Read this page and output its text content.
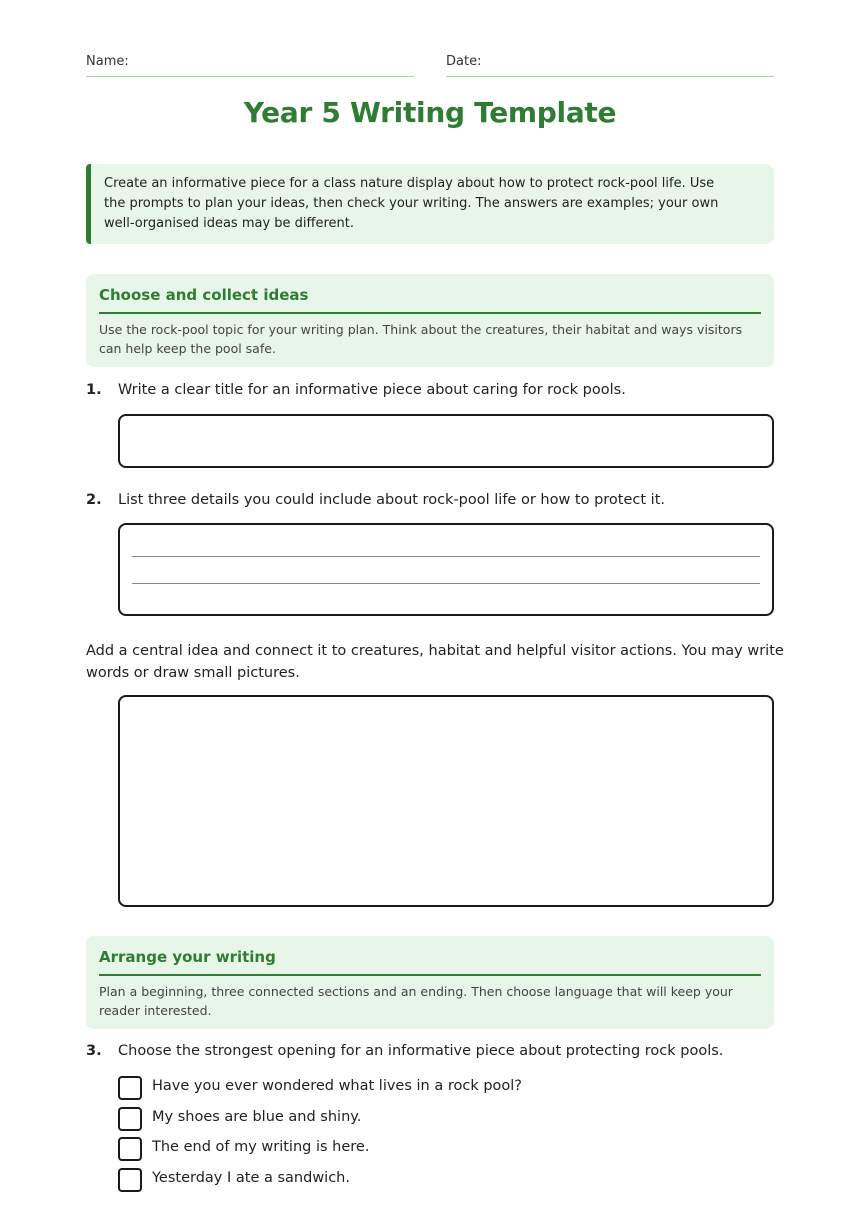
Name:	Date:
Year 5 Writing Template
Create an informative piece for a class nature display about how to protect rock-pool life. Use the prompts to plan your ideas, then check your writing. The answers are examples; your own well-organised ideas may be different.
Choose and collect ideas

Use the rock-pool topic for your writing plan. Think about the creatures, their habitat and ways visitors can help keep the pool safe.

1. Write a clear title for an informative piece about caring for rock pools.
2. List three details you could include about rock-pool life or how to protect it.
Add a central idea and connect it to creatures, habitat and helpful visitor actions. You may write words or draw small pictures.
Arrange your writing

Plan a beginning, three connected sections and an ending. Then choose language that will keep your reader interested.

3. Choose the strongest opening for an informative piece about protecting rock pools.
Have you ever wondered what lives in a rock pool?
My shoes are blue and shiny.
The end of my writing is here.
Yesterday I ate a sandwich.
